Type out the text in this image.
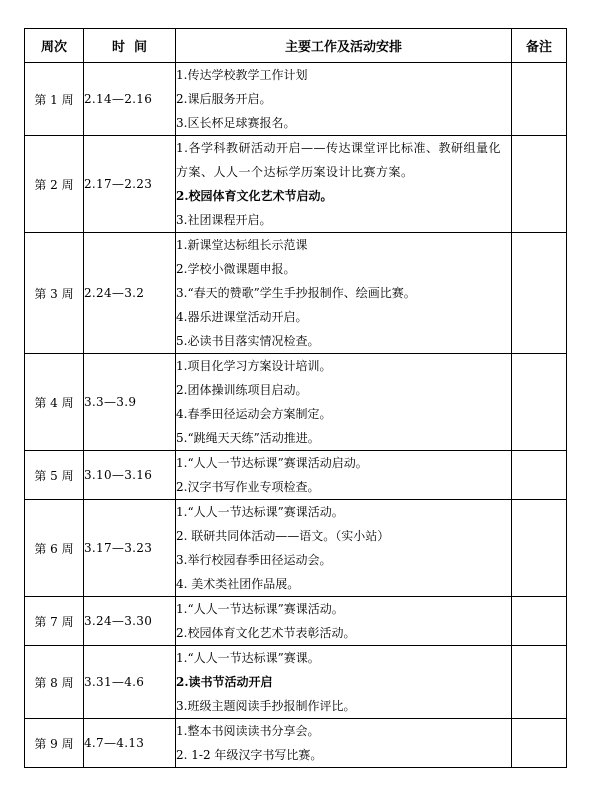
周次	时  间	主要工作及活动安排	备注
第 1 周	2.14—2.16	1.传达学校教学工作计划
2.课后服务开启。
3.区长杯足球赛报名。	

第 2 周	2.17—2.23	1.各学科教研活动开启——传达课堂评比标准、教研组量化方案、人人一个达标学历案设计比赛方案。
2.校园体育文化艺术节启动。
3.社团课程开启。	

第 3 周	2.24—3.2	1.新课堂达标组长示范课
2.学校小微课题申报。
3.“春天的赞歌”学生手抄报制作、绘画比赛。
4.器乐进课堂活动开启。
5.必读书目落实情况检查。	

第 4 周	3.3—3.9	1.项目化学习方案设计培训。
2.团体操训练项目启动。
4.春季田径运动会方案制定。
5.“跳绳天天练”活动推进。	

第 5 周	3.10—3.16	1.“人人一节达标课”赛课活动启动。
2.汉字书写作业专项检查。	

第 6 周	3.17—3.23	1.“人人一节达标课”赛课活动。
2. 联研共同体活动——语文。（实小站）
3.举行校园春季田径运动会。
4. 美术类社团作品展。	

第 7 周	3.24—3.30	1.“人人一节达标课”赛课活动。
2.校园体育文化艺术节表彰活动。	

第 8 周	3.31—4.6	1.“人人一节达标课”赛课。
2.读书节活动开启
3.班级主题阅读手抄报制作评比。	

第 9 周	4.7—4.13	1.整本书阅读读书分享会。
2. 1-2 年级汉字书写比赛。	
